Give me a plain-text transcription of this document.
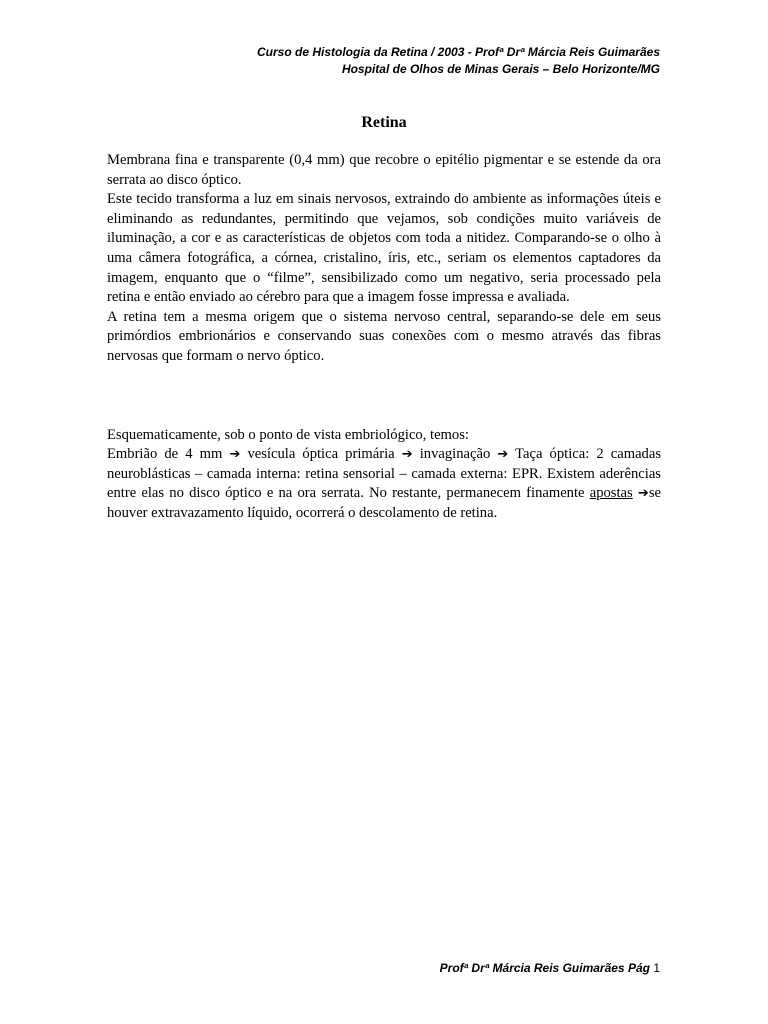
Curso de Histologia da Retina / 2003 - Profª Drª Márcia Reis Guimarães
Hospital de Olhos de Minas Gerais – Belo Horizonte/MG
Retina

Membrana fina e transparente (0,4 mm) que recobre o epitélio pigmentar e se estende da ora serrata ao disco óptico.

Este tecido transforma a luz em sinais nervosos, extraindo do ambiente as informações úteis e eliminando as redundantes, permitindo que vejamos, sob condições muito variáveis de iluminação, a cor e as características de objetos com toda a nitidez. Comparando-se o olho à uma câmera fotográfica, a córnea, cristalino, íris, etc., seriam os elementos captadores da imagem, enquanto que o “filme”, sensibilizado como um negativo, seria processado pela retina e então enviado ao cérebro para que a imagem fosse impressa e avaliada.

A retina tem a mesma origem que o sistema nervoso central, separando-se dele em seus primórdios embrionários e conservando suas conexões com o mesmo através das fibras nervosas que formam o nervo óptico.

Esquematicamente, sob o ponto de vista embriológico, temos:

Embrião de 4 mm ➔ vesícula óptica primária ➔ invaginação ➔ Taça óptica: 2 camadas neuroblásticas – camada interna: retina sensorial – camada externa: EPR. Existem aderências entre elas no disco óptico e na ora serrata. No restante, permanecem finamente apostas ➔se houver extravazamento líquido, ocorrerá o descolamento de retina.

Profª Drª Márcia Reis Guimarães Pág 1
